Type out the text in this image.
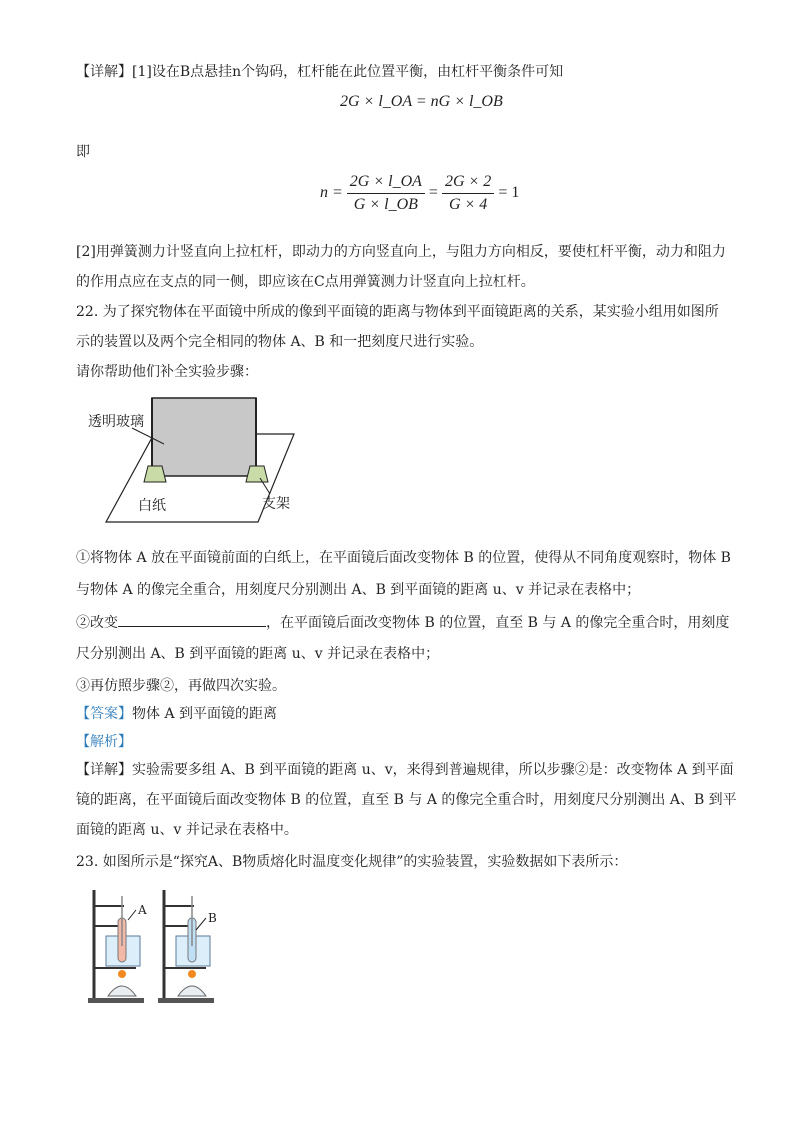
【详解】[1]设在B点悬挂n个钩码，杠杆能在此位置平衡，由杠杆平衡条件可知
2G × l_OA = nG × l_OB
即
$n = \frac{2G \times l\_OA}{G \times l\_OB} = \frac{2G \times 2}{G \times 4} = 1$
[2]用弹簧测力计竖直向上拉杠杆，即动力的方向竖直向上，与阻力方向相反，要使杠杆平衡，动力和阻力
的作用点应在支点的同一侧，即应该在C点用弹簧测力计竖直向上拉杠杆。
22. 为了探究物体在平面镜中所成的像到平面镜的距离与物体到平面镜距离的关系，某实验小组用如图所
示的装置以及两个完全相同的物体 A、B 和一把刻度尺进行实验。
请你帮助他们补全实验步骤：
透明玻璃
白纸	支架
①将物体 A 放在平面镜前面的白纸上，在平面镜后面改变物体 B 的位置，使得从不同角度观察时，物体 B
与物体 A 的像完全重合，用刻度尺分别测出 A、B 到平面镜的距离 u、v 并记录在表格中；
②改变	，在平面镜后面改变物体 B 的位置，直至 B 与 A 的像完全重合时，用刻度
尺分别测出 A、B 到平面镜的距离 u、v 并记录在表格中；
③再仿照步骤②，再做四次实验。
【答案】物体 A 到平面镜的距离
【解析】
【详解】实验需要多组 A、B 到平面镜的距离 u、v，来得到普遍规律，所以步骤②是：改变物体 A 到平面
镜的距离，在平面镜后面改变物体 B 的位置，直至 B 与 A 的像完全重合时，用刻度尺分别测出 A、B 到平
面镜的距离 u、v 并记录在表格中。
23. 如图所示是“探究A、B物质熔化时温度变化规律”的实验装置，实验数据如下表所示：
A
B
